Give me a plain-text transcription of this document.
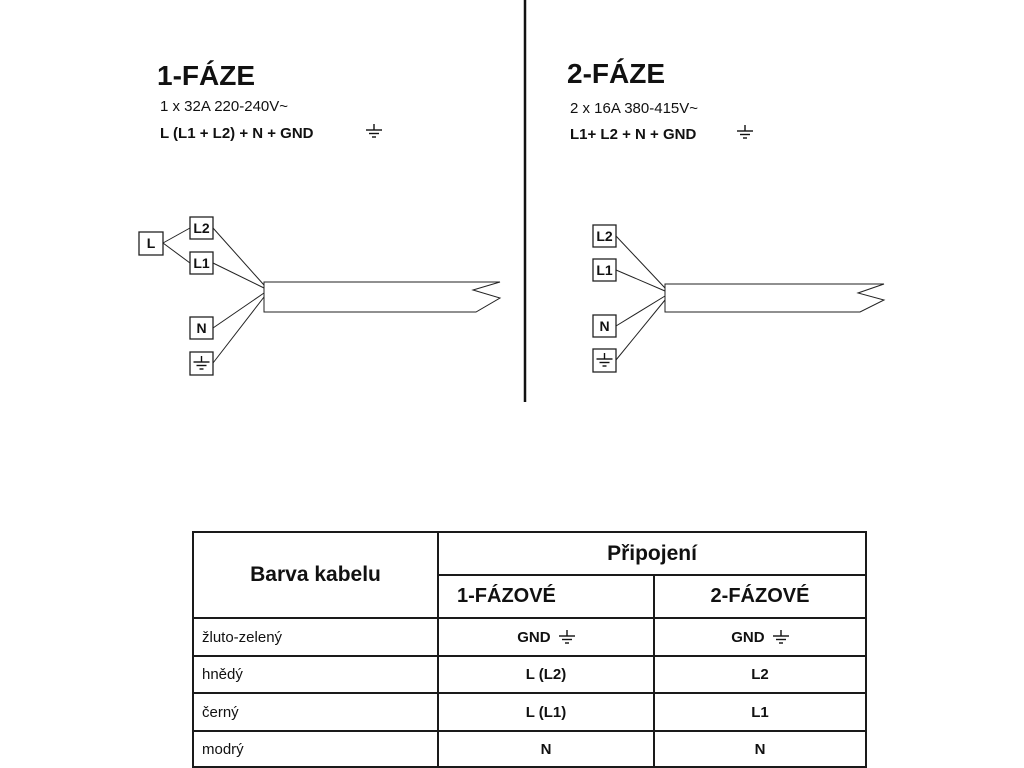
1-FÁZE
1 x 32A 220-240V~
L (L1 + L2) + N + GND
L
L2
L1
N
2-FÁZE
2 x 16A 380-415V~
L1+ L2 + N + GND
L2
L1
N
Barva kabelu	Připojení	
	1-FÁZOVÉ	2-FÁZOVÉ
žluto-zelený	GND	GND
hnědý	L (L2)	L2
černý	L (L1)	L1
modrý	N	N
